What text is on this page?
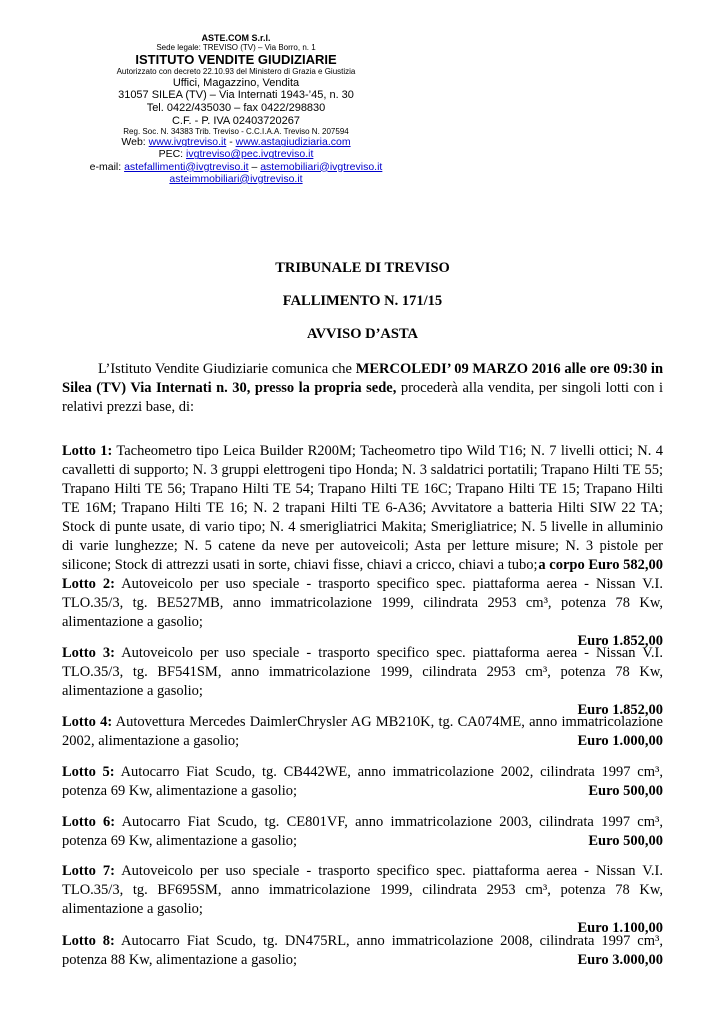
ASTE.COM S.r.l.
Sede legale: TREVISO (TV) – Via Borro, n. 1
ISTITUTO VENDITE GIUDIZIARIE
Autorizzato con decreto 22.10.93 del Ministero di Grazia e Giustizia
Uffici, Magazzino, Vendita
31057 SILEA (TV) – Via Internati 1943-’45, n. 30
Tel. 0422/435030 – fax 0422/298830
C.F. - P. IVA 02403720267
Reg. Soc. N. 34383 Trib. Treviso - C.C.I.A.A. Treviso N. 207594
Web: www.ivgtreviso.it - www.astagiudiziaria.com
PEC: ivgtreviso@pec.ivgtreviso.it
e-mail: astefallimenti@ivgtreviso.it – astemobiliari@ivgtreviso.it
asteimmobiliari@ivgtreviso.it
TRIBUNALE DI TREVISO
FALLIMENTO N. 171/15
AVVISO D’ASTA
L’Istituto Vendite Giudiziarie comunica che MERCOLEDI’ 09 MARZO 2016 alle ore 09:30 in Silea (TV) Via Internati n. 30, presso la propria sede, procederà alla vendita, per singoli lotti con i relativi prezzi base, di:
Lotto 1: Tacheometro tipo Leica Builder R200M; Tacheometro tipo Wild T16; N. 7 livelli ottici; N. 4 cavalletti di supporto; N. 3 gruppi elettrogeni tipo Honda; N. 3 saldatrici portatili; Trapano Hilti TE 55; Trapano Hilti TE 56; Trapano Hilti TE 54; Trapano Hilti TE 16C; Trapano Hilti TE 15; Trapano Hilti TE 16M; Trapano Hilti TE 16; N. 2 trapani Hilti TE 6-A36; Avvitatore a batteria Hilti SIW 22 TA; Stock di punte usate, di vario tipo; N. 4 smerigliatrici Makita; Smerigliatrice; N. 5 livelle in alluminio di varie lunghezze; N. 5 catene da neve per autoveicoli; Asta per letture misure; N. 3 pistole per silicone; Stock di attrezzi usati in sorte, chiavi fisse, chiavi a cricco, chiavi a tubo; a corpo Euro 582,00
Lotto 2: Autoveicolo per uso speciale - trasporto specifico spec. piattaforma aerea - Nissan V.I. TLO.35/3, tg. BE527MB, anno immatricolazione 1999, cilindrata 2953 cm³, potenza 78 Kw, alimentazione a gasolio;
Euro 1.852,00
Lotto 3: Autoveicolo per uso speciale - trasporto specifico spec. piattaforma aerea - Nissan V.I. TLO.35/3, tg. BF541SM, anno immatricolazione 1999, cilindrata 2953 cm³, potenza 78 Kw, alimentazione a gasolio;
Euro 1.852,00
Lotto 4: Autovettura Mercedes DaimlerChrysler AG MB210K, tg. CA074ME, anno immatricolazione 2002, alimentazione a gasolio;	Euro 1.000,00
Lotto 5: Autocarro Fiat Scudo, tg. CB442WE, anno immatricolazione 2002, cilindrata 1997 cm³, potenza 69 Kw, alimentazione a gasolio;	Euro 500,00
Lotto 6: Autocarro Fiat Scudo, tg. CE801VF, anno immatricolazione 2003, cilindrata 1997 cm³, potenza 69 Kw, alimentazione a gasolio;	Euro 500,00
Lotto 7: Autoveicolo per uso speciale - trasporto specifico spec. piattaforma aerea - Nissan V.I. TLO.35/3, tg. BF695SM, anno immatricolazione 1999, cilindrata 2953 cm³, potenza 78 Kw, alimentazione a gasolio;
Euro 1.100,00
Lotto 8: Autocarro Fiat Scudo, tg. DN475RL, anno immatricolazione 2008, cilindrata 1997 cm³, potenza 88 Kw, alimentazione a gasolio;	Euro 3.000,00
